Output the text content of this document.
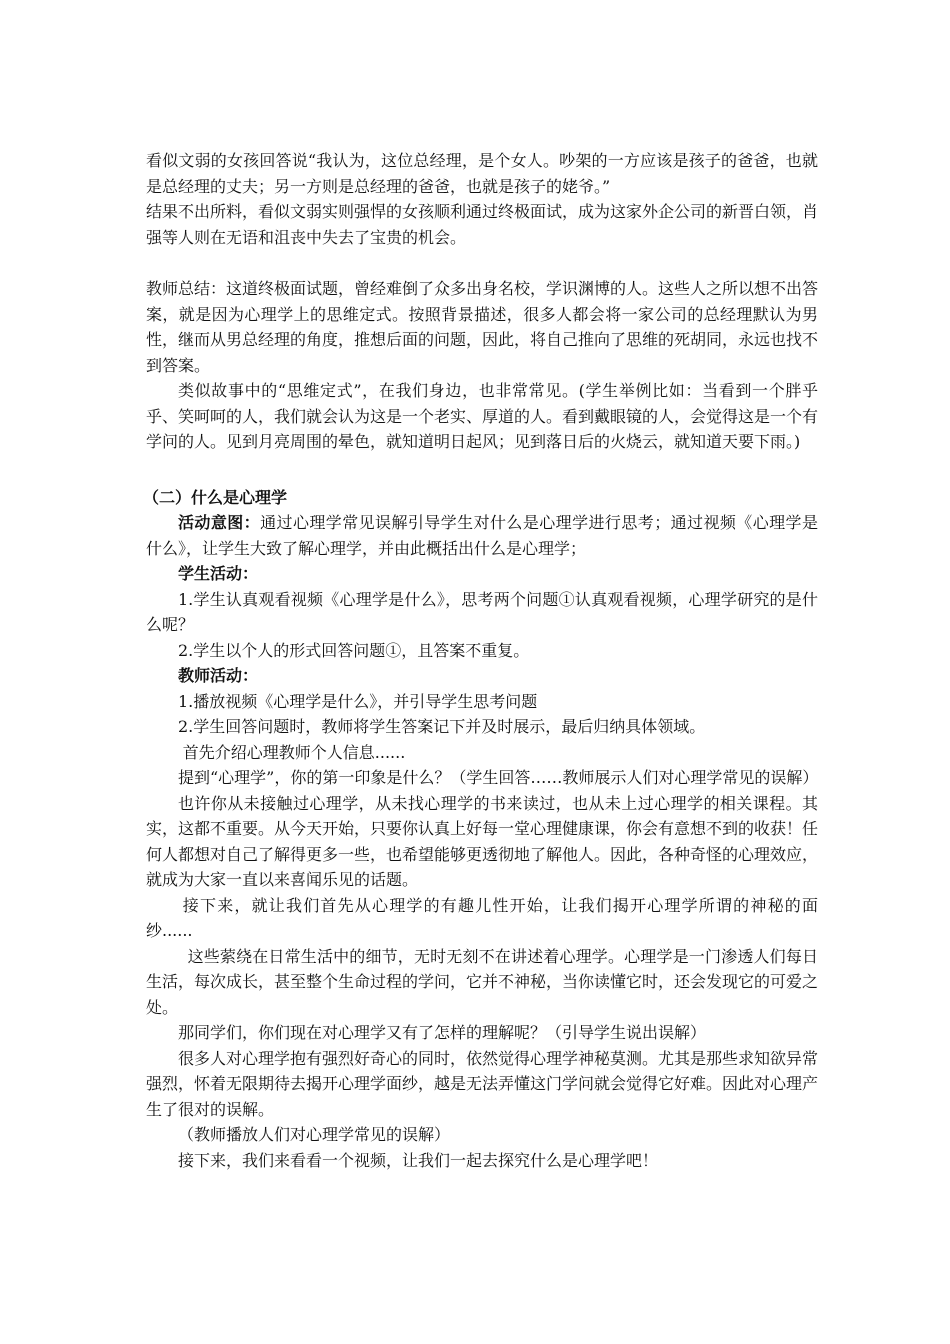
看似文弱的女孩回答说“我认为，这位总经理，是个女人。吵架的一方应该是孩子的爸爸，也就是总经理的丈夫；另一方则是总经理的爸爸，也就是孩子的姥爷。”

结果不出所料，看似文弱实则强悍的女孩顺利通过终极面试，成为这家外企公司的新晋白领，肖强等人则在无语和沮丧中失去了宝贵的机会。

教师总结：这道终极面试题，曾经难倒了众多出身名校，学识渊博的人。这些人之所以想不出答案，就是因为心理学上的思维定式。按照背景描述，很多人都会将一家公司的总经理默认为男性，继而从男总经理的角度，推想后面的问题，因此，将自己推向了思维的死胡同，永远也找不到答案。

类似故事中的“思维定式”，在我们身边，也非常常见。(学生举例比如：当看到一个胖乎乎、笑呵呵的人，我们就会认为这是一个老实、厚道的人。看到戴眼镜的人，会觉得这是一个有学问的人。见到月亮周围的晕色，就知道明日起风；见到落日后的火烧云，就知道天要下雨。)

（二）什么是心理学

活动意图：通过心理学常见误解引导学生对什么是心理学进行思考；通过视频《心理学是什么》，让学生大致了解心理学，并由此概括出什么是心理学；

学生活动：

1.学生认真观看视频《心理学是什么》，思考两个问题①认真观看视频，心理学研究的是什么呢？

2.学生以个人的形式回答问题①，且答案不重复。

教师活动：

1.播放视频《心理学是什么》，并引导学生思考问题

2.学生回答问题时，教师将学生答案记下并及时展示，最后归纳具体领域。

首先介绍心理教师个人信息......

提到“心理学”，你的第一印象是什么？（学生回答……教师展示人们对心理学常见的误解）

也许你从未接触过心理学，从未找心理学的书来读过，也从未上过心理学的相关课程。其实，这都不重要。从今天开始，只要你认真上好每一堂心理健康课，你会有意想不到的收获！任何人都想对自己了解得更多一些，也希望能够更透彻地了解他人。因此，各种奇怪的心理效应，就成为大家一直以来喜闻乐见的话题。

接下来，就让我们首先从心理学的有趣儿性开始，让我们揭开心理学所谓的神秘的面纱......

这些萦绕在日常生活中的细节，无时无刻不在讲述着心理学。心理学是一门渗透人们每日生活，每次成长，甚至整个生命过程的学问，它并不神秘，当你读懂它时，还会发现它的可爱之处。

那同学们，你们现在对心理学又有了怎样的理解呢？（引导学生说出误解）

很多人对心理学抱有强烈好奇心的同时，依然觉得心理学神秘莫测。尤其是那些求知欲异常强烈，怀着无限期待去揭开心理学面纱，越是无法弄懂这门学问就会觉得它好难。因此对心理产生了很对的误解。

（教师播放人们对心理学常见的误解）

接下来，我们来看看一个视频，让我们一起去探究什么是心理学吧！
